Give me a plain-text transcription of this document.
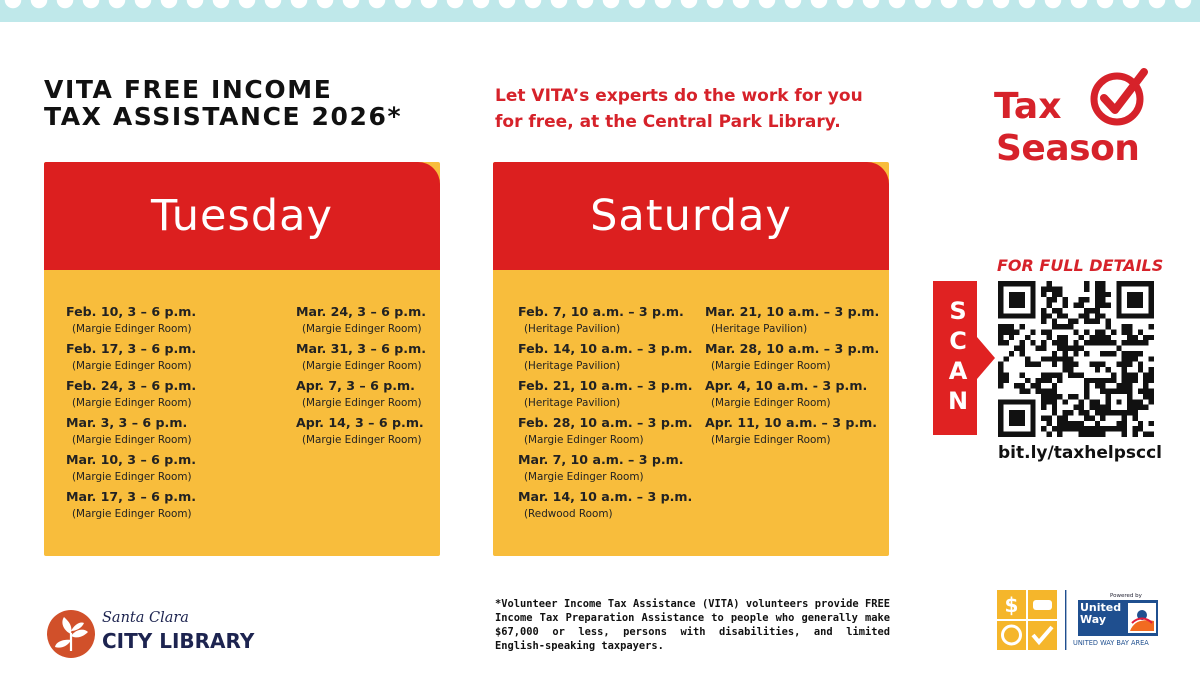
VITA FREE INCOME
TAX ASSISTANCE 2026*
Let VITA’s experts do the work for you
for free, at the Central Park Library.
Tuesday
Feb. 10, 3 – 6 p.m.
(Margie Edinger Room)
Feb. 17, 3 – 6 p.m.
(Margie Edinger Room)
Feb. 24, 3 – 6 p.m.
(Margie Edinger Room)
Mar. 3, 3 – 6 p.m.
(Margie Edinger Room)
Mar. 10, 3 – 6 p.m.
(Margie Edinger Room)
Mar. 17, 3 – 6 p.m.
(Margie Edinger Room)
Mar. 24, 3 – 6 p.m.
(Margie Edinger Room)
Mar. 31, 3 – 6 p.m.
(Margie Edinger Room)
Apr. 7, 3 – 6 p.m.
(Margie Edinger Room)
Apr. 14, 3 – 6 p.m.
(Margie Edinger Room)
Saturday
Feb. 7, 10 a.m. – 3 p.m.
(Heritage Pavilion)
Feb. 14, 10 a.m. – 3 p.m.
(Heritage Pavilion)
Feb. 21, 10 a.m. – 3 p.m.
(Heritage Pavilion)
Feb. 28, 10 a.m. – 3 p.m.
(Margie Edinger Room)
Mar. 7, 10 a.m. – 3 p.m.
(Margie Edinger Room)
Mar. 14, 10 a.m. – 3 p.m.
(Redwood Room)
Mar. 21, 10 a.m. – 3 p.m.
(Heritage Pavilion)
Mar. 28, 10 a.m. – 3 p.m.
(Margie Edinger Room)
Apr. 4, 10 a.m. - 3 p.m.
(Margie Edinger Room)
Apr. 11, 10 a.m. – 3 p.m.
(Margie Edinger Room)
Tax
Season
FOR FULL DETAILS
S
C
A
N
bit.ly/taxhelpsccl
Santa Clara
CITY LIBRARY
*Volunteer Income Tax Assistance (VITA) volunteers provide FREE Income Tax Preparation Assistance to people who generally make $67,000 or less, persons with disabilities, and limited English-speaking taxpayers.
$	Powered by
United Way
UNITED WAY BAY AREA
